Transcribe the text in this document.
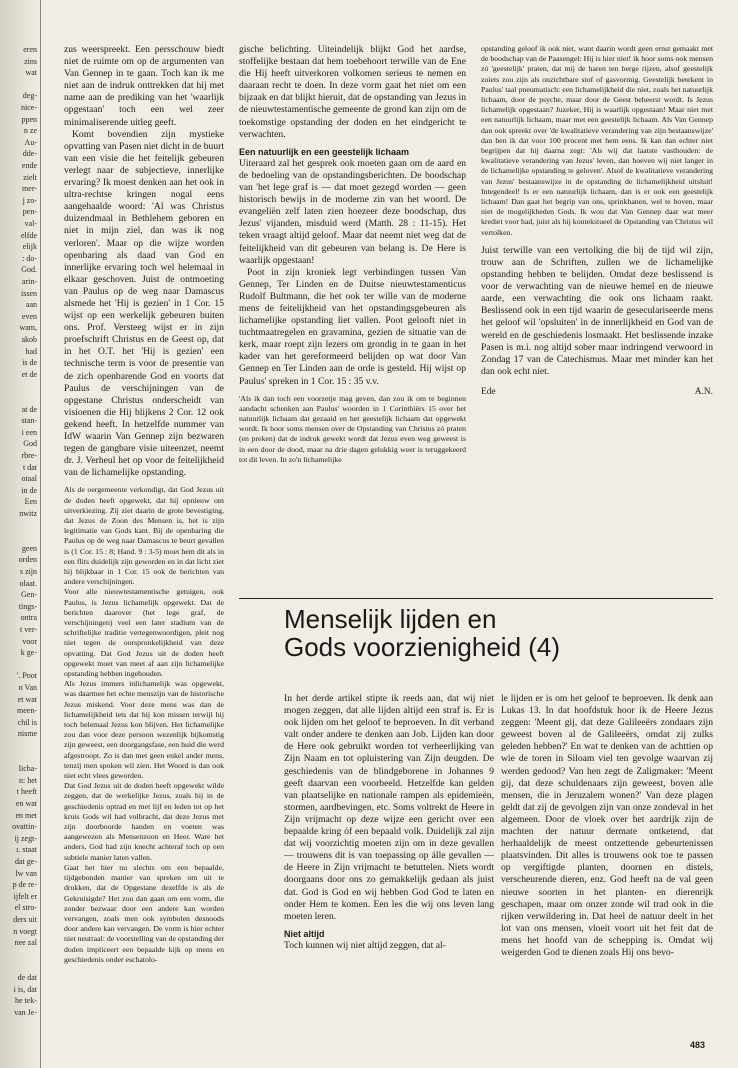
eren
zins
wat
deg-
nice-
ppen
n ze
Au-
dde-
ende
zielt
mer-
j zo-
pen-
val-
elfde
elijk
: do-
God.
arin-
issen
aan
even
wam,
akob
had
is de
et de
at de
stan-
i een
God
rbre-
t dat
otaal
in de
Een
nwitz
geen
orden
s zijn
olaat.
Gen-
tings-
ontra
t ver-
voor
k ge-
'. Poot
n Van
et wat
meen-
chil is
nisme
licha-
n: het
t heeft
en wat
en met
ovattin-
ij zegt-
ı. staat
dat ge-
lw van
p de re-
ijfelt er
el stro-
ders uit
n voegt
nee zal
de dat
i is, dat
he tek-
van Je-

zus weerspreekt. Een persschouw biedt niet de ruimte om op de argumenten van Van Gennep in te gaan. Toch kan ik me niet aan de indruk onttrekken dat hij met name aan de prediking van het 'waarlijk opgestaan' toch een wel zeer minimaliserende uitleg geeft.

Komt bovendien zijn mystieke opvatting van Pasen niet dicht in de buurt van een visie die het feitelijk gebeuren verlegt naar de subjectieve, innerlijke ervaring? Ik moest denken aan het ook in ultra-rechtse kringen nogal eens aangehaalde woord: 'Al was Christus duizendmaal in Bethlehem geboren en niet in mijn ziel, dan was ik nog verloren'. Maar op die wijze worden openbaring als daad van God en innerlijke ervaring toch wel helemaal in elkaar geschoven. Juist de ontmoeting van Paulus op de weg naar Damascus alsmede het 'Hij is gezien' in 1 Cor. 15 wijst op een werkelijk gebeuren buiten ons. Prof. Versteeg wijst er in zijn proefschrift Christus en de Geest op, dat in het O.T. het 'Hij is gezien' een technische term is voor de presentie van de zich openbarende God en voorts dat Paulus de verschijningen van de opgestane Christus onderscheidt van visioenen die Hij blijkens 2 Cor. 12 ook gekend heeft. In hetzelfde nummer van IdW waarin Van Gennep zijn bezwaren tegen de gangbare visie uiteenzet, neemt dr. J. Verheul het op voor de feitelijkheid van de lichamelijke opstanding.

Als de oergemeente verkondigt, dat God Jezus uit de doden heeft opgewekt, dat hij opnieuw om uitverkiezing. Zij ziet daarin de grote bevestiging, dat Jezus de Zoon des Mensen is, het is zijn legitimatie van Gods kant. Bij de openbaring die Paulus op de weg naar Damascus te beurt gevallen is (1 Cor. 15 : 8; Hand. 9 : 3-5) moet hem dit als in een flits duidelijk zijn geworden en in dat licht ziet hij blijkbaar in 1 Cor. 15 ook de berichten van andere verschijningen.

Voor alle nieuwtestamentische getuigen, ook Paulus, is Jezus lichamelijk opgewekt. Dat de berichten daarover (het lege graf, de verschijningen) veel een later stadium van de schriftelijke traditie vertegenwoordigen, pleit nog niet tegen de oorspronkelijkheid van deze opvatting. Dat God Jezus uit de doden heeft opgewekt moet van meet af aan zijn lichamelijke opstanding hebben ingehouden.

Als Jezus immers inlichamelijk was opgewekt, was daarmee het echte menszijn van de historische Jezus miskend. Voor deze mens was dan de lichamelijkheid iets dat hij kon missen terwijl hij toch helemaal Jezus kon blijven. Het lichamelijke zou dan voor deze persoon wezenlijk bijkomstig zijn geweest, een doorgangsfase, een huid die werd afgestroopt. Zo is dan met geen enkel ander mens, tenzij men spoken wil zien. Het Woord is dan ook niet echt vlees geworden.

Dat God Jezus uit de doden heeft opgewekt wilde zeggen, dat de werkelijke Jezus, zoals hij in de geschiedenis optrad en met lijf en leden tot op het kruis Gods wil had volbracht, dat deze Jezus met zijn doorboorde handen en voeten was aangewezen als Mensenzoon en Heer. Ware het anders, God had zijn knecht achteraf toch op een subtiele manier laten vallen.

Gaat het hier nu slechts om een bepaalde, tijdgebonden manier van spreken om uit te drukken, dat de Opgestane dezelfde is als de Gekruisigde? Het zou dan gaan om een vorm, die zonder bezwaar door een andere kan worden vervangen, zoals men ook symbolen desnoods door andere kan vervangen. De vorm is hier echter niet neutraal: de voorstelling van de opstanding der doden impliceert een bepaalde kijk op mens en geschiedenis onder eschatolo-

gische belichting. Uiteindelijk blijkt God het aardse, stoffelijke bestaan dat hem toebehoort terwille van de Ene die Hij heeft uitverkoren volkomen serieus te nemen en daaraan recht te doen. In deze vorm gaat het niet om een bijzaak en dat blijkt hieruit, dat de opstanding van Jezus in de nieuwtestamentische gemeente de grond kan zijn om de toekomstige opstanding der doden en het eindgericht te verwachten.

Een natuurlijk en een geestelijk lichaam

Uiteraard zal het gesprek ook moeten gaan om de aard en de bedoeling van de opstandingsberichten. De boodschap van 'het lege graf is — dat moet gezegd worden — geen historisch bewijs in de moderne zin van het woord. De evangeliën zelf laten zien hoezeer deze boodschap, dus Jezus' vijanden, misduid werd (Matth. 28 : 11-15). Het teken vraagt altijd geloof. Maar dat neemt niet weg dat de feitelijkheid van dit gebeuren van belang is. De Here is waarlijk opgestaan!

Poot in zijn kroniek legt verbindingen tussen Van Gennep, Ter Linden en de Duitse nieuwtestamenticus Rudolf Bultmann, die het ook ter wille van de moderne mens de feitelijkheid van het opstandingsgebeuren als lichamelijke opstanding liet vallen. Poot gelooft niet in tuchtmaatregelen en gravamina, gezien de situatie van de kerk, maar roept zijn lezers om grondig in te gaan in het kader van het gereformeerd belijden op wat door Van Gennep en Ter Linden aan de orde is gesteld. Hij wijst op Paulus' spreken in 1 Cor. 15 : 35 v.v.

'Als ik dan toch een voorzetje mag geven, dan zou ik om te beginnen aandacht schenken aan Paulus' woorden in 1 Corinthiërs 15 over het natuurlijk lichaam dat gezaaid en het geestelijk lichaam dat opgewekt wordt. Ik hoor soms mensen over de Opstanding van Christus zó praten (en preken) dat de indruk gewekt wordt dat Jezus even weg geweest is in een door de dood, maar na drie dagen gelukkig weer is teruggekeerd tot dit leven. In zo'n lichamelijke

opstanding geloof ik ook niet, want daarin wordt geen ernst gemaakt met de boodschap van de Paasengel: Hij is hier niet! ik hoor soms ook mensen zó 'geestelijk' praten, dat mij de haren ten berge rijzen, alsof geestelijk zoiets zou zijn als onzichtbare stof of gasvormig. Geestelijk betekent in Paulus' taal pneumatisch: een lichamelijkheid die niet, zoals het natuurlijk lichaam, door de psyche, maar door de Geest beheerst wordt. Is Jezus lichamelijk opgestaan? Juzeker, Hij is waarlijk opgestaan! Maar niet met een natuurlijk lichaam, maar met een geestelijk lichaam. Als Van Gennep dan ook spreekt over 'de kwalitatieve verandering van zijn bestaanswijze' dan ben ik dat voor 100 procent met hem eens. Ik kan dan echter niet begrijpen dat hij daarna zegt: 'Als wij dat laatste vasthouden: de kwalitatieve verandering van Jezus' leven, dan hoeven wij niet langer in de lichamelijke opstanding te geloven'. Alsof de kwalitatieve verandering van Jezus' bestaanswijze in de opstanding de lichamelijkheid uitsluit! Integendeel! Is er een natuurlijk lichaam, dan is er ook een geestelijk lichaam! Dan gaat het begrip van ons, sprinkhanen, wel te boven, maar niet de mogelijkheden Gods. Ik wou dat Van Gennep daar wat meer krediet voor had, juist als hij kontekstueel de Opstanding van Christus wil vertolken.

Juist terwille van een vertolking die bij de tijd wil zijn, trouw aan de Schriften, zullen we de lichamelijke opstanding hebben te belijden. Omdat deze beslissend is voor de verwachting van de nieuwe hemel en de nieuwe aarde, een verwachting die ook ons lichaam raakt. Beslissend ook in een tijd waarin de geseculariseerde mens het geloof wil 'opsluiten' in de innerlijkheid en God van de wereld en de geschiedenis losmaakt. Het beslissende inzake Pasen is m.i. nog altijd sober maar indringend verwoord in Zondag 17 van de Catechismus. Maar met minder kan het dan ook echt niet.

Ede	A.N.
Menselijk lijden en
Gods voorzienigheid (4)

In het derde artikel stipte ik reeds aan, dat wij niet mogen zeggen, dat alle lijden altijd een straf is. Er is ook lijden om het geloof te beproeven. In dit verband valt onder andere te denken aan Job. Lijden kan door de Here ook gebruikt worden tot verheerlijking van Zijn Naam en tot opluistering van Zijn deugden. De geschiedenis van de blindgeborene in Johannes 9 geeft daarvan een voorbeeld. Hetzelfde kan gelden van plaatselijke en nationale rampen als epidemieën, stormen, aardbevingen, etc. Soms voltrekt de Heere in Zijn vrijmacht op deze wijze een gericht over een bepaalde kring óf een bepaald volk. Duidelijk zal zijn dat wij voorzichtig moeten zijn om in deze gevallen — trouwens dit is van toepassing op álle gevallen — de Heere in Zijn vrijmacht te betuttelen. Niets wordt doorgaans door ons zo gemakkelijk gedaan als juist dat. God is God en wij hebben God God te laten en onder Hem te komen. Een les die wij ons leven lang moeten leren.

Niet altijd

Toch kunnen wij niet altijd zeggen, dat al-

le lijden er is om het geloof te beproeven. Ik denk aan Lukas 13. In dat hoofdstuk hoor ik de Heere Jezus zeggen: 'Meent gij, dat deze Galileeërs zondaars zijn geweest boven al de Galileeërs, omdat zij zulks geleden hebben?' En wat te denken van de achttien op wie de toren in Siloam viel ten gevolge waarvan zij werden gedood? Van hen zegt de Zaligmaker: 'Meent gij, dat deze schuldenaars zijn geweest, boven alle mensen, die in Jeruzalem wonen?' Van deze plagen geldt dat zij de gevolgen zijn van onze zondeval in het algemeen. Door de vloek over het aardrijk zijn de machten der natuur dermate ontketend, dat herhaaldelijk de meest ontzettende gebeurtenissen plaatsvinden. Dit alles is trouwens ook toe te passen op vergiftigde planten, doornen en distels, verscheurende dieren, enz. God heeft na de val geen nieuwe soorten in het planten- en dierenrijk geschapen, maar om onzer zonde wil trad ook in die rijken verwildering in. Dat heel de natuur deelt in het lot van ons mensen, vloeit voort uit het feit dat de mens het hoofd van de schepping is. Omdat wij weigerden God te dienen zoals Hij ons bevo-

483
